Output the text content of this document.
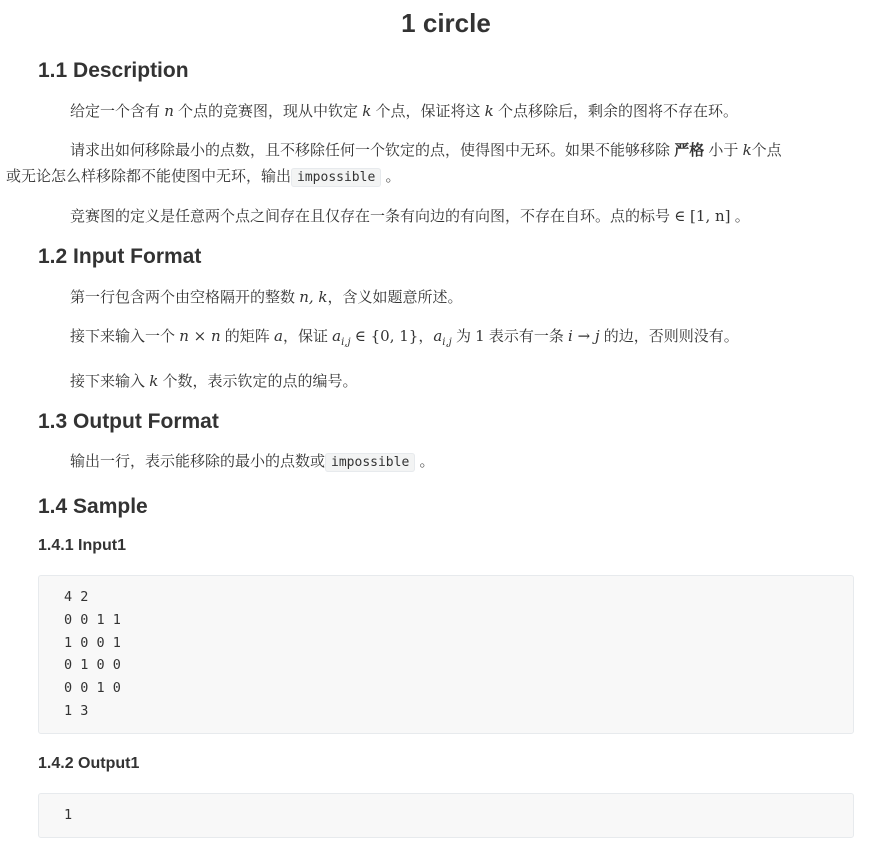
1 circle
1.1 Description

给定一个含有 n 个点的竞赛图，现从中钦定 k 个点，保证将这 k 个点移除后，剩余的图将不存在环。

请求出如何移除最小的点数，且不移除任何一个钦定的点，使得图中无环。如果不能够移除 严格 小于 k个点
或无论怎么样移除都不能使图中无环，输出 impossible 。

竞赛图的定义是任意两个点之间存在且仅存在一条有向边的有向图，不存在自环。点的标号 ∈ [1, n] 。

1.2 Input Format

第一行包含两个由空格隔开的整数 n, k，含义如题意所述。

接下来输入一个 n × n 的矩阵 a，保证 $a_{i,j}$ ∈ {0, 1}，$a_{i,j}$ 为 1 表示有一条 i → j 的边，否则则没有。

接下来输入 k 个数，表示钦定的点的编号。

1.3 Output Format

输出一行，表示能移除的最小的点数或 impossible 。

1.4 Sample
1.4.1 Input1
4 2
0 0 1 1
1 0 0 1
0 1 0 0
0 0 1 0
1 3
1.4.2 Output1
1
